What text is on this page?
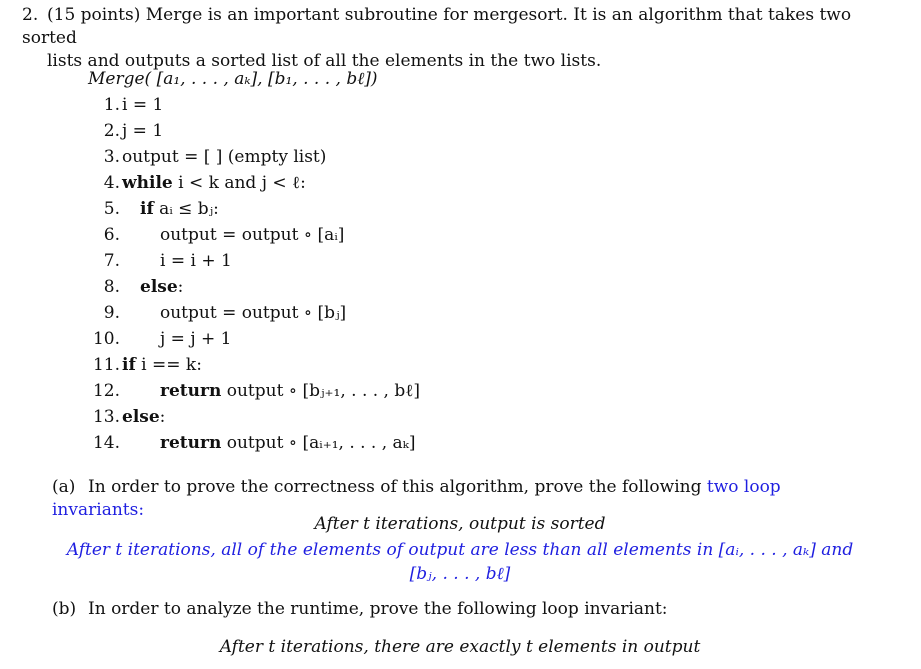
2. (15 points) Merge is an important subroutine for mergesort. It is an algorithm that takes two sorted
lists and outputs a sorted list of all the elements in the two lists.
Merge( [a₁, . . . , aₖ], [b₁, . . . , bℓ])
1. i = 1
2. j = 1
3. output = [ ] (empty list)
4. while i < k and j < ℓ:
5. if aᵢ ≤ bⱼ:
6. output = output ∘ [aᵢ]
7. i = i + 1
8. else:
9. output = output ∘ [bⱼ]
10. j = j + 1
11. if i == k:
12. return output ∘ [bⱼ₊₁, . . . , bℓ]
13. else:
14. return output ∘ [aᵢ₊₁, . . . , aₖ]
(a) In order to prove the correctness of this algorithm, prove the following two loop invariants:
After t iterations, output is sorted
After t iterations, all of the elements of output are less than all elements in [aᵢ, . . . , aₖ] and
[bⱼ, . . . , bℓ]
(b) In order to analyze the runtime, prove the following loop invariant:
After t iterations, there are exactly t elements in output
